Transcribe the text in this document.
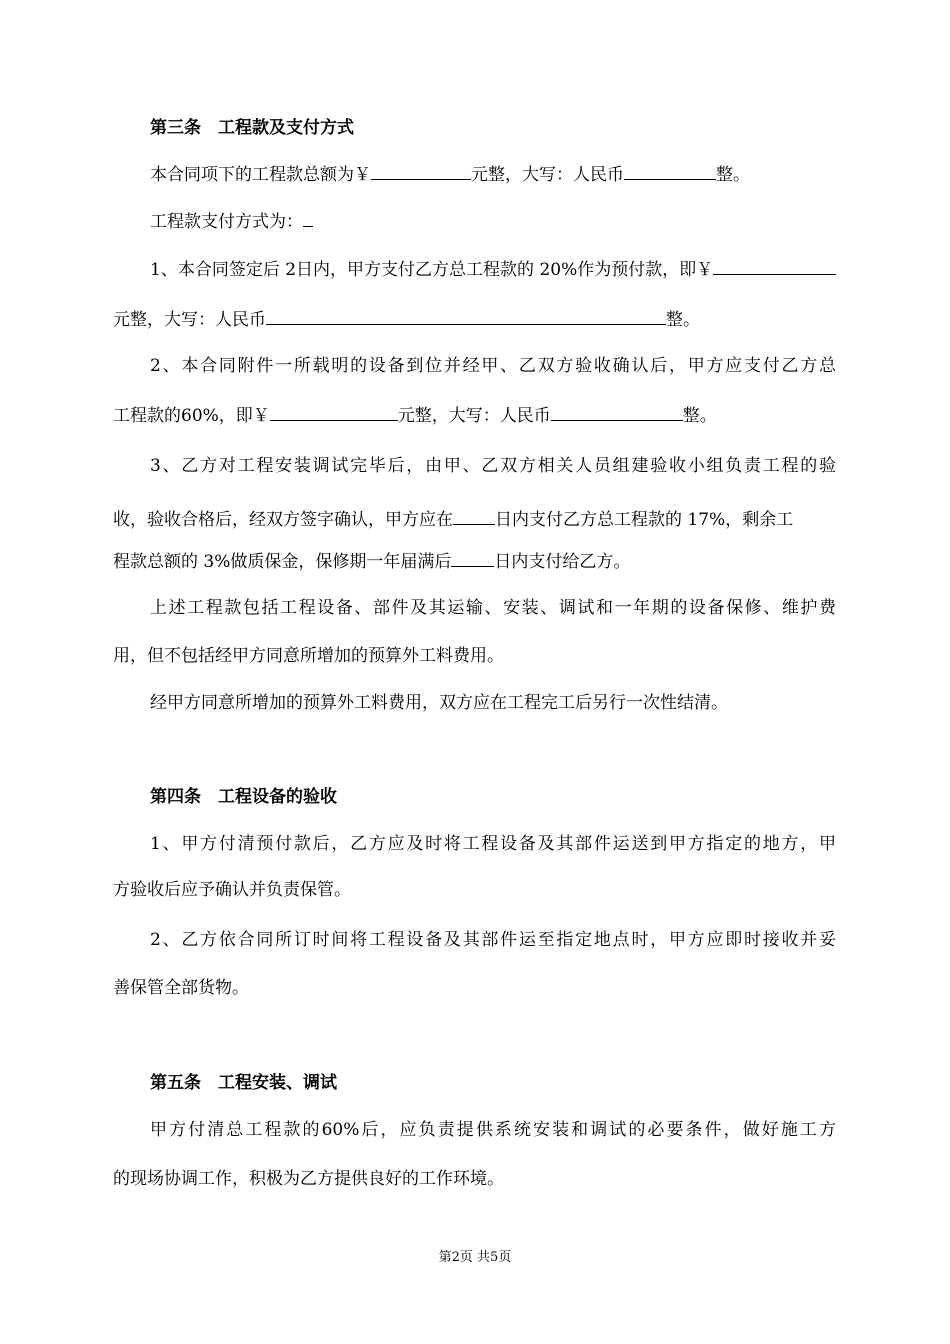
第三条　工程款及支付方式
本合同项下的工程款总额为￥	元整，大写：人民币	整。
工程款支付方式为：
1、本合同签定后 2日内，甲方支付乙方总工程款的 20%作为预付款，即￥
元整，大写：人民币	整。
2、本合同附件一所载明的设备到位并经甲、乙双方验收确认后，甲方应支付乙方总
工程款的60%，即￥	元整，大写：人民币	整。
3、乙方对工程安装调试完毕后，由甲、乙双方相关人员组建验收小组负责工程的验
收，验收合格后，经双方签字确认，甲方应在 日内支付乙方总工程款的 17%，剩余工
程款总额的 3%做质保金，保修期一年届满后	日内支付给乙方。
上述工程款包括工程设备、部件及其运输、安装、调试和一年期的设备保修、维护费
用，但不包括经甲方同意所增加的预算外工料费用。
经甲方同意所增加的预算外工料费用，双方应在工程完工后另行一次性结清。
第四条　工程设备的验收
1、甲方付清预付款后，乙方应及时将工程设备及其部件运送到甲方指定的地方，甲
方验收后应予确认并负责保管。
2、乙方依合同所订时间将工程设备及其部件运至指定地点时，甲方应即时接收并妥
善保管全部货物。
第五条　工程安装、调试
甲方付清总工程款的60%后，应负责提供系统安装和调试的必要条件，做好施工方
的现场协调工作，积极为乙方提供良好的工作环境。
第2页 共5页
